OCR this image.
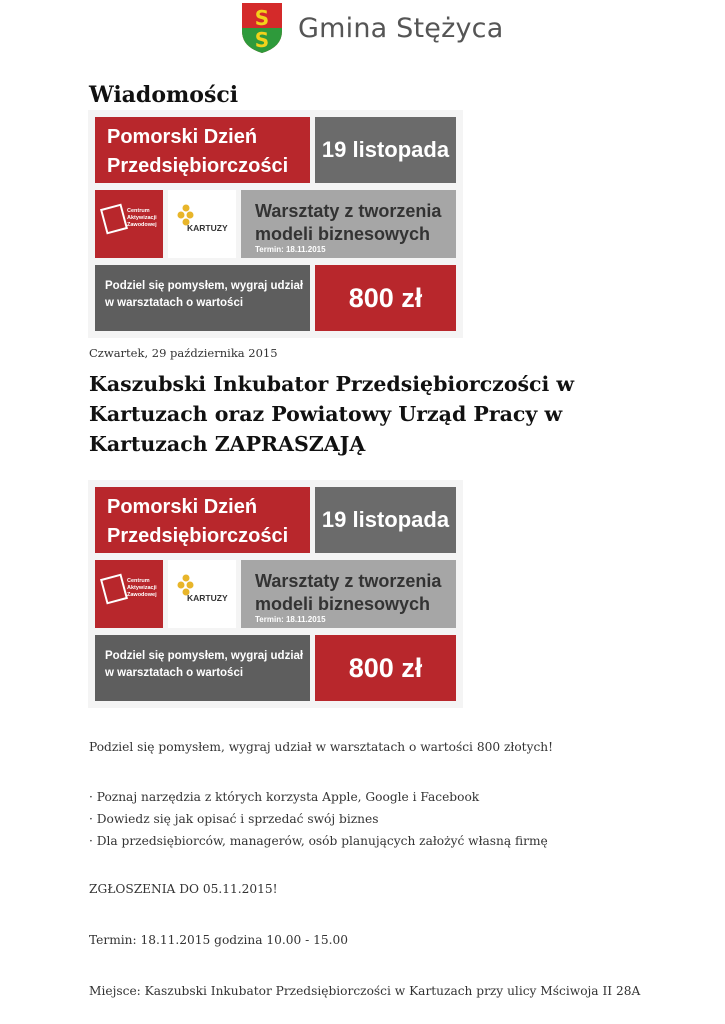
S
S Gmina Stężyca
Wiadomości
Pomorski Dzień
Przedsiębiorczości
19 listopada
Centrum
Aktywizacji
Zawodowej	KARTUZY
Warsztaty z tworzenia
modeli biznesowych
Termin: 18.11.2015
Podziel się pomysłem, wygraj udział
w warsztatach o wartości	800 zł
Czwartek, 29 października 2015
Kaszubski Inkubator Przedsiębiorczości w Kartuzach oraz Powiatowy Urząd Pracy w Kartuzach ZAPRASZAJĄ
Pomorski Dzień
Przedsiębiorczości
19 listopada
Centrum
Aktywizacji
Zawodowej	KARTUZY
Warsztaty z tworzenia
modeli biznesowych
Termin: 18.11.2015
Podziel się pomysłem, wygraj udział
w warsztatach o wartości	800 zł

Podziel się pomysłem, wygraj udział w warsztatach o wartości 800 złotych!

· Poznaj narzędzia z których korzysta Apple, Google i Facebook
· Dowiedz się jak opisać i sprzedać swój biznes
· Dla przedsiębiorców, managerów, osób planujących założyć własną firmę

ZGŁOSZENIA DO 05.11.2015!

Termin: 18.11.2015 godzina 10.00 - 15.00

Miejsce: Kaszubski Inkubator Przedsiębiorczości w Kartuzach przy ulicy Mściwoja II 28A
